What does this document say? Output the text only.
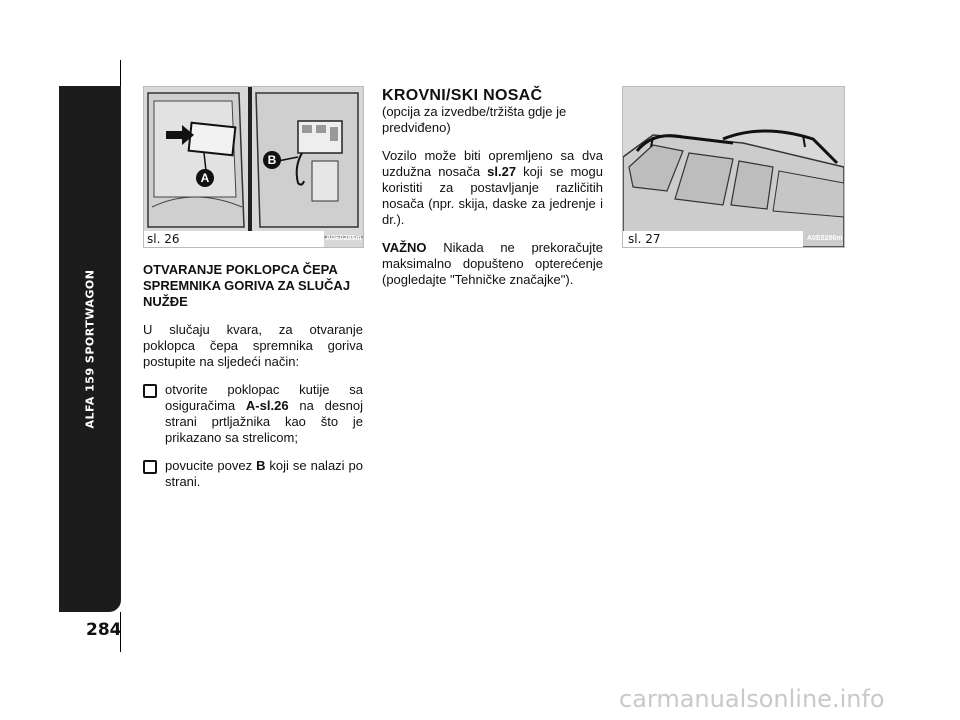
ALFA 159 SPORTWAGON
284
A
B
A0E0285m
sl. 26	A0E0286m
sl. 27
OTVARANJE POKLOPCA ČEPA SPREMNIKA GORIVA ZA SLUČAJ NUŽĐE

U slučaju kvara, za otvaranje poklopca čepa spremnika goriva postupite na sljedeći način:

otvorite poklopac kutije sa osiguračima A-sl.26 na desnoj strani prtljažnika kao što je prikazano sa strelicom;
povucite povez B koji se nalazi po strani.
KROVNI/SKI NOSAČ

(opcija za izvedbe/tržišta gdje je predviđeno)

Vozilo može biti opremljeno sa dva uzdužna nosača sl.27 koji se mogu koristiti za postavljanje različitih nosača (npr. skija, daske za jedrenje i dr.).

VAŽNO Nikada ne prekoračujte maksimalno dopušteno opterećenje (pogledajte "Tehničke značajke").

carmanualsonline.info
